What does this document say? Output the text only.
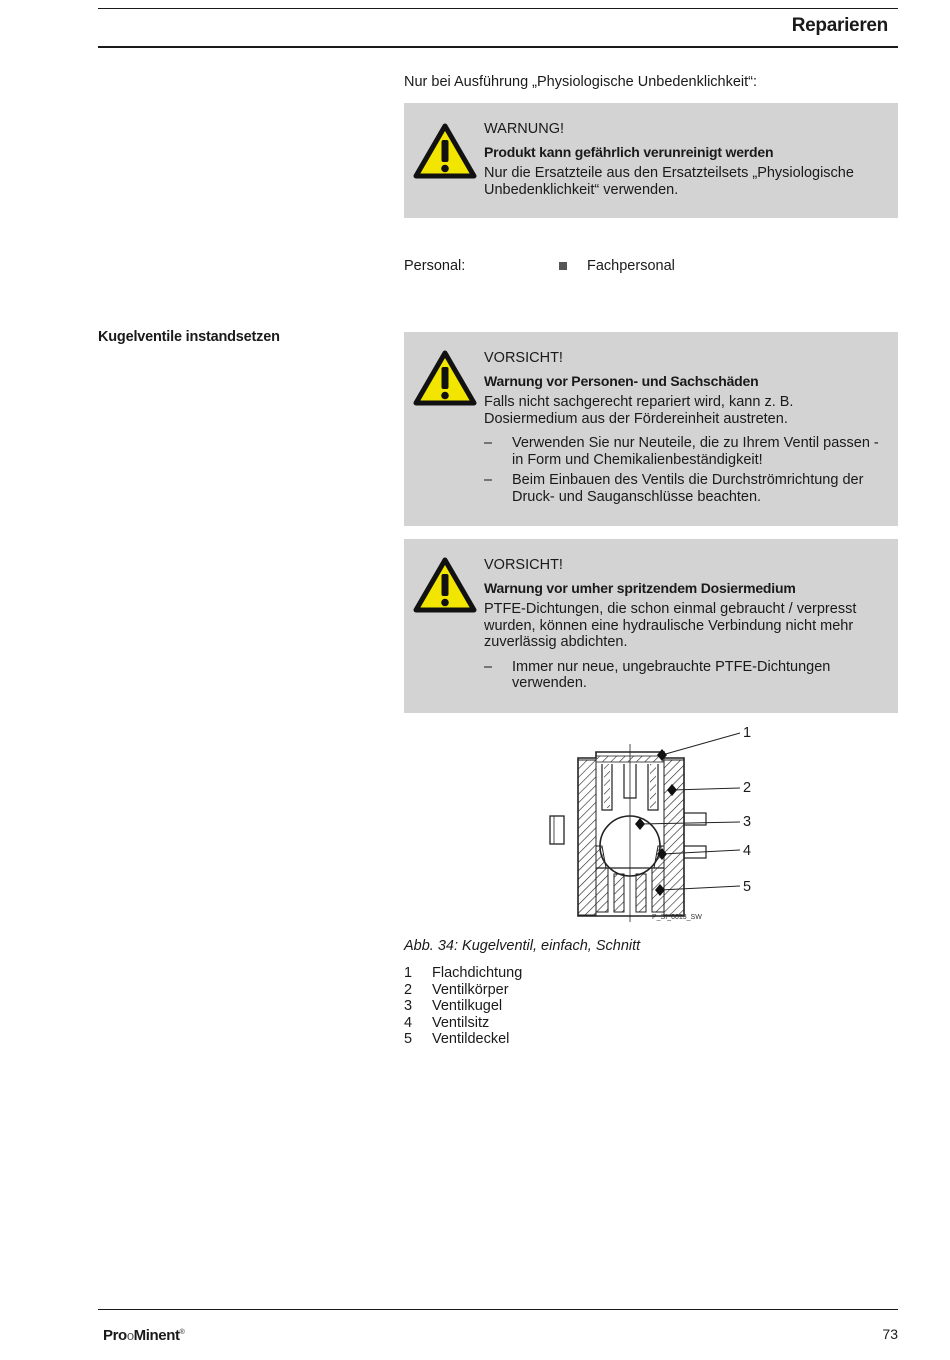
Reparieren
Nur bei Ausführung „Physiologische Unbedenklichkeit“:

WARNUNG!

Produkt kann gefährlich verunreinigt werden

Nur die Ersatzteile aus den Ersatzteilsets „Physiologische Unbedenklichkeit“ verwenden.

Personal:	Fachpersonal
Kugelventile instandsetzen

VORSICHT!

Warnung vor Personen- und Sachschäden

Falls nicht sachgerecht repariert wird, kann z. B. Dosiermedium aus der Fördereinheit austreten.

– Verwenden Sie nur Neuteile, die zu Ihrem Ventil passen - in Form und Chemikalienbeständigkeit!
– Beim Einbauen des Ventils die Durchströmrichtung der Druck- und Sauganschlüsse beachten.

VORSICHT!

Warnung vor umher spritzendem Dosiermedium

PTFE-Dichtungen, die schon einmal gebraucht / verpresst wurden, können eine hydraulische Verbindung nicht mehr zuverlässig abdichten.

– Immer nur neue, ungebrauchte PTFE-Dichtungen verwenden.
1
2
3
4
5
P_SI_0013_SW
Abb. 34: Kugelventil, einfach, Schnitt
1	Flachdichtung
2	Ventilkörper
3	Ventilkugel
4	Ventilsitz
5	Ventildeckel
ProoMinent®	73
